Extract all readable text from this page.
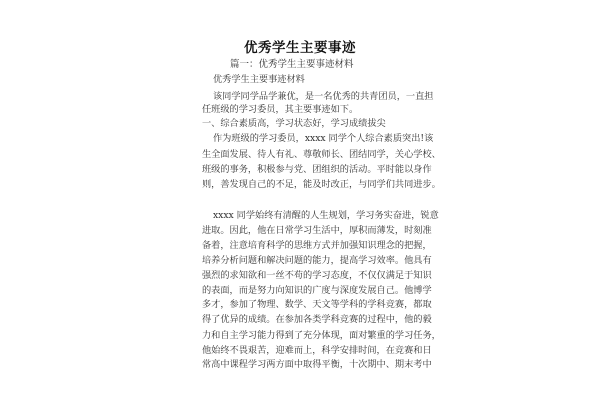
优秀学生主要事迹
篇一：优秀学生主要事迹材料
优秀学生主要事迹材料
该同学同学品学兼优，是一名优秀的共青团员，一直担
任班级的学习委员，其主要事迹如下。
一、综合素质高，学习状态好，学习成绩拔尖
作为班级的学习委员，xxxx 同学个人综合素质突出!该
生全面发展、待人有礼、尊敬师长、团结同学，关心学校、
班级的事务，积极参与党、团组织的活动。平时能以身作
则，善发现自己的不足，能及时改正，与同学们共同进步。
xxxx 同学始终有清醒的人生规划，学习务实奋进，锐意
进取。因此，他在日常学习生活中，厚积而薄发，时刻准
备着，注意培育科学的思维方式并加强知识理念的把握，
培养分析问题和解决问题的能力，提高学习效率。他具有
强烈的求知欲和一丝不苟的学习态度，不仅仅满足于知识
的表面，而是努力向知识的广度与深度发展自己。他博学
多才，参加了物理、数学、天文等学科的学科竞赛，都取
得了优异的成绩。在参加各类学科竞赛的过程中，他的毅
力和自主学习能力得到了充分体现，面对繁重的学习任务，
他始终不畏艰苦，迎难而上，科学安排时间，在竞赛和日
常高中课程学习两方面中取得平衡，十次期中、期末考中
